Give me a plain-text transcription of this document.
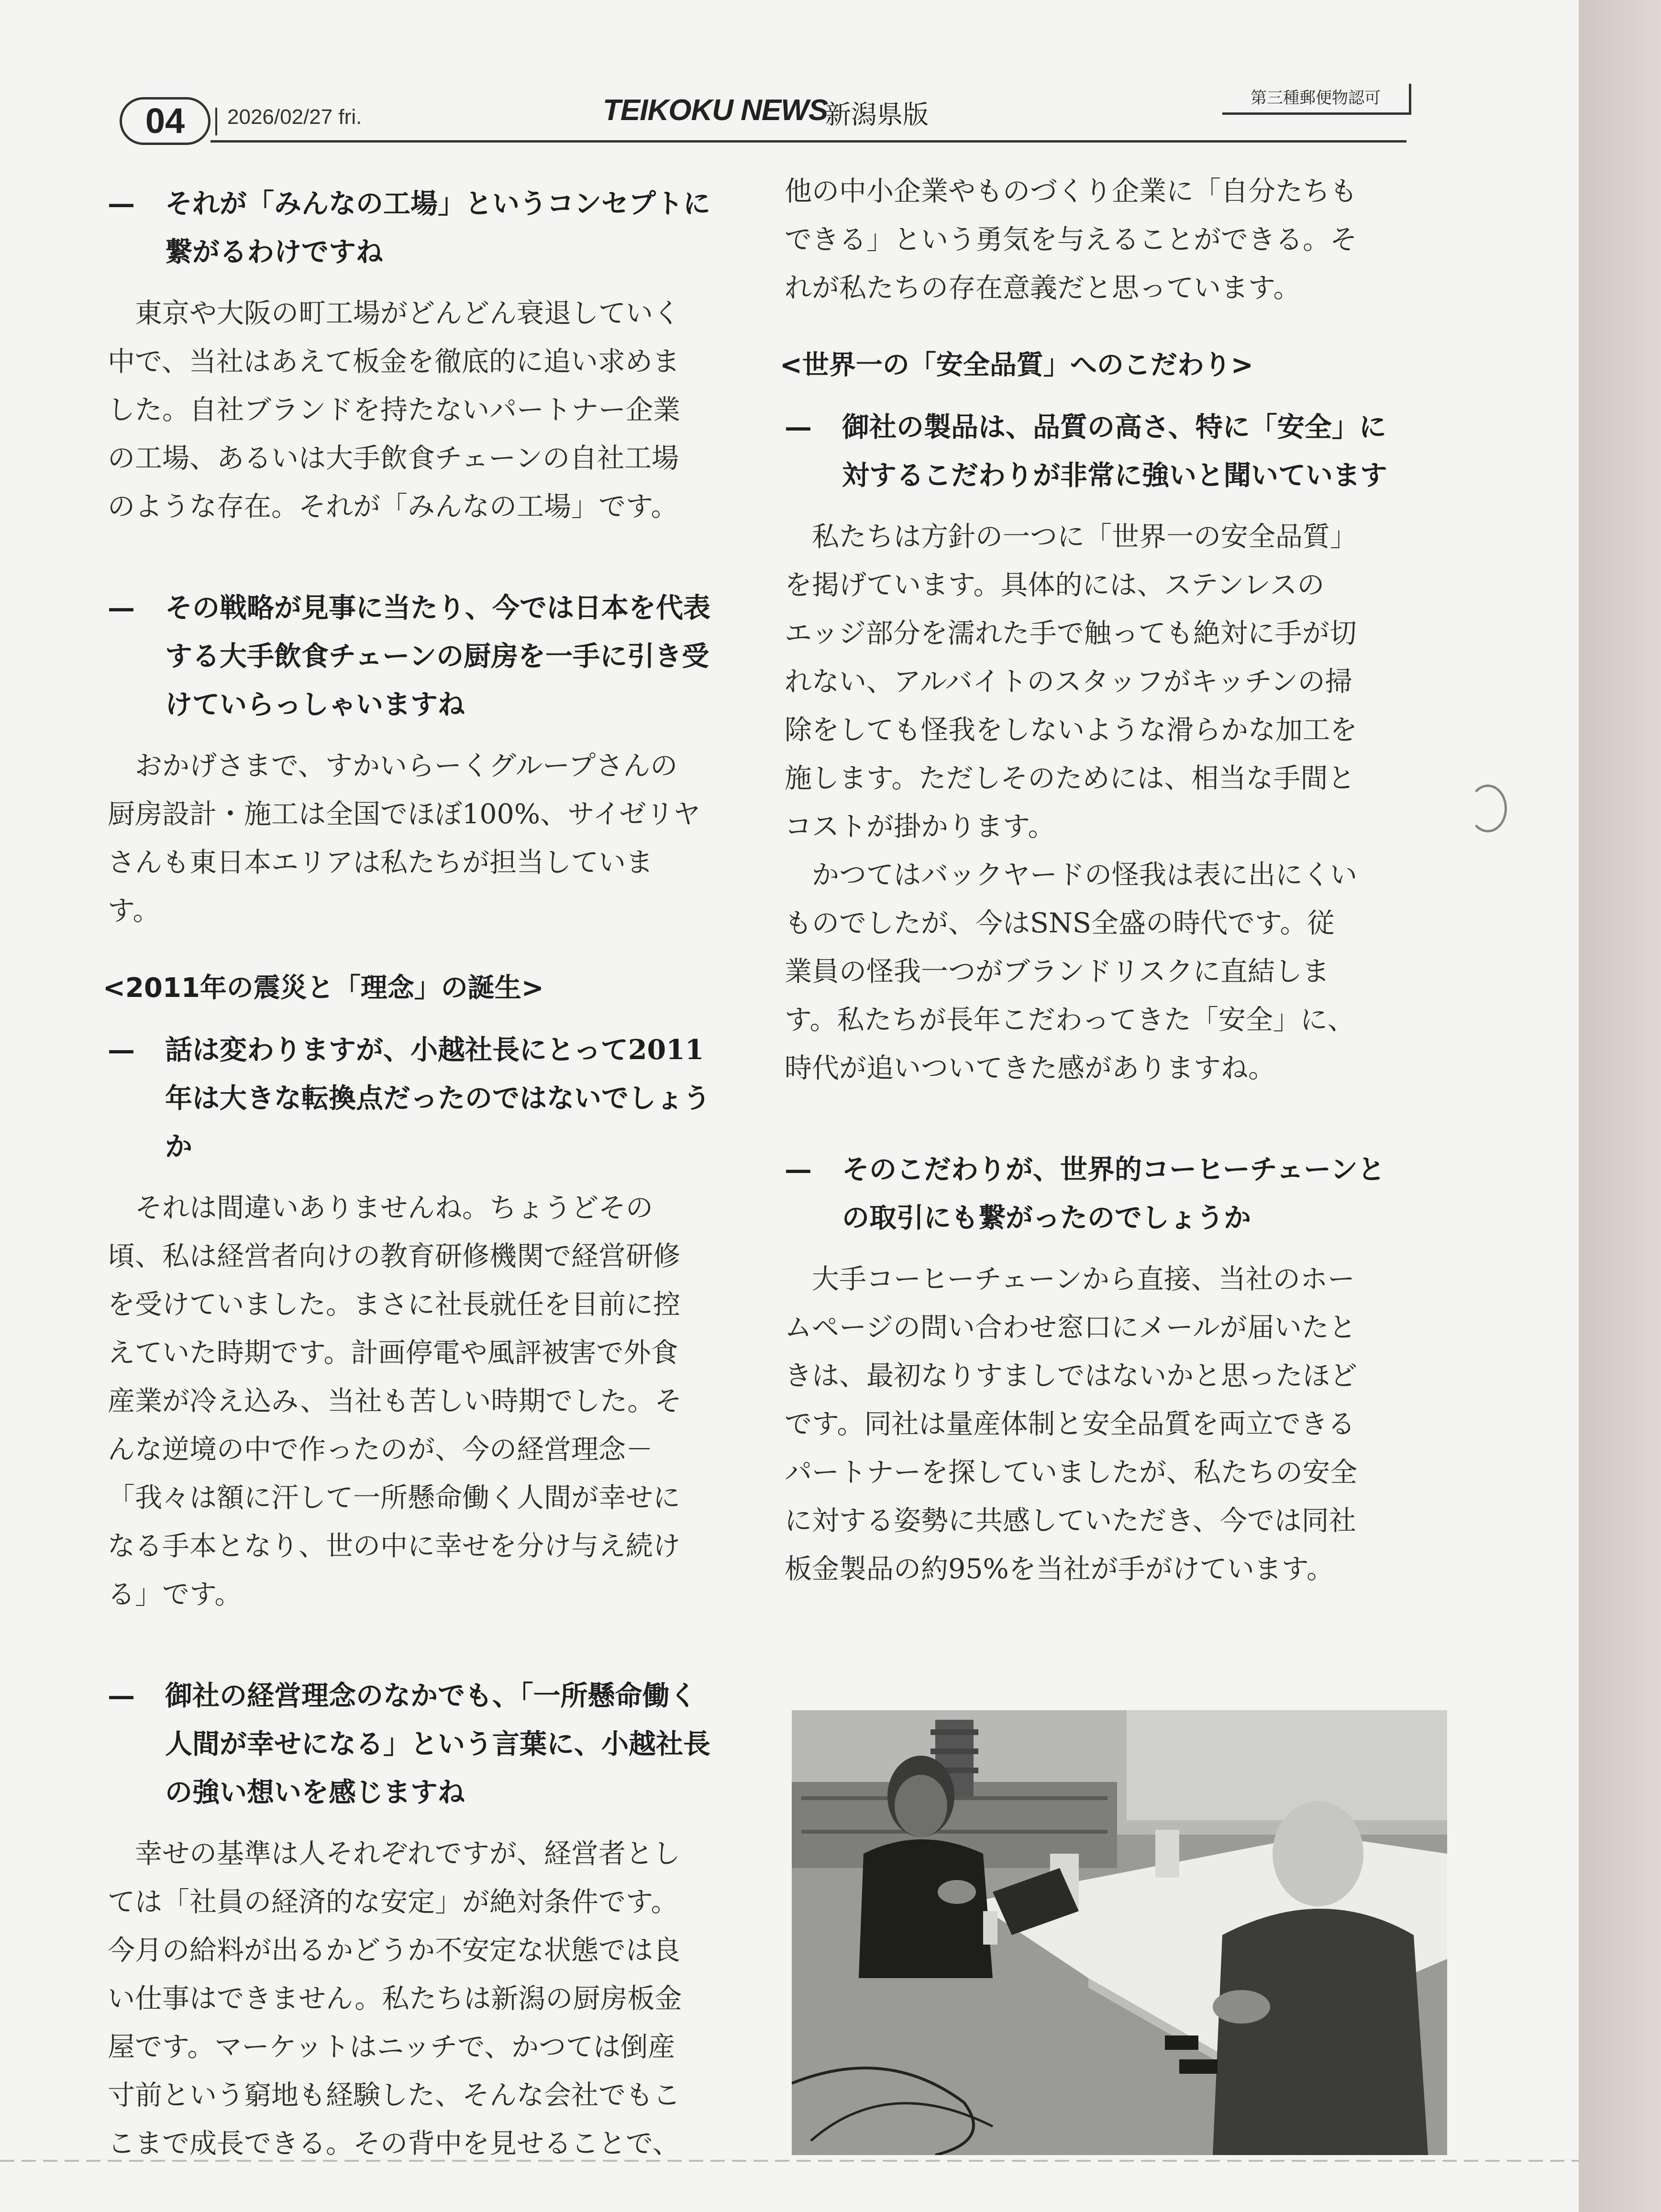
04	2026/02/27 fri.	TEIKOKU NEWS
新潟県版
第三種郵便物認可
— それが「みんなの工場」というコンセプトに
繋がるわけですね

東京や大阪の町工場がどんどん衰退していく

中で、当社はあえて板金を徹底的に追い求めま

した。自社ブランドを持たないパートナー企業

の工場、あるいは大手飲食チェーンの自社工場

のような存在。それが「みんなの工場」です。

— その戦略が見事に当たり、今では日本を代表
する大手飲食チェーンの厨房を一手に引き受
けていらっしゃいますね

おかげさまで、すかいらーくグループさんの

厨房設計・施工は全国でほぼ100%、サイゼリヤ

さんも東日本エリアは私たちが担当していま

す。

<2011年の震災と「理念」の誕生>
— 話は変わりますが、小越社長にとって2011
年は大きな転換点だったのではないでしょう
か

それは間違いありませんね。ちょうどその

頃、私は経営者向けの教育研修機関で経営研修

を受けていました。まさに社長就任を目前に控

えていた時期です。計画停電や風評被害で外食

産業が冷え込み、当社も苦しい時期でした。そ

んな逆境の中で作ったのが、今の経営理念－

「我々は額に汗して一所懸命働く人間が幸せに

なる手本となり、世の中に幸せを分け与え続け

る」です。

— 御社の経営理念のなかでも、「一所懸命働く
人間が幸せになる」という言葉に、小越社長
の強い想いを感じますね

幸せの基準は人それぞれですが、経営者とし

ては「社員の経済的な安定」が絶対条件です。

今月の給料が出るかどうか不安定な状態では良

い仕事はできません。私たちは新潟の厨房板金

屋です。マーケットはニッチで、かつては倒産

寸前という窮地も経験した、そんな会社でもこ

こまで成長できる。その背中を見せることで、

他の中小企業やものづくり企業に「自分たちも

できる」という勇気を与えることができる。そ

れが私たちの存在意義だと思っています。

<世界一の「安全品質」へのこだわり>
— 御社の製品は、品質の高さ、特に「安全」に
対するこだわりが非常に強いと聞いています

私たちは方針の一つに「世界一の安全品質」

を掲げています。具体的には、ステンレスの

エッジ部分を濡れた手で触っても絶対に手が切

れない、アルバイトのスタッフがキッチンの掃

除をしても怪我をしないような滑らかな加工を

施します。ただしそのためには、相当な手間と

コストが掛かります。

かつてはバックヤードの怪我は表に出にくい

ものでしたが、今はSNS全盛の時代です。従

業員の怪我一つがブランドリスクに直結しま

す。私たちが長年こだわってきた「安全」に、

時代が追いついてきた感がありますね。

— そのこだわりが、世界的コーヒーチェーンと
の取引にも繋がったのでしょうか

大手コーヒーチェーンから直接、当社のホー

ムページの問い合わせ窓口にメールが届いたと

きは、最初なりすましではないかと思ったほど

です。同社は量産体制と安全品質を両立できる

パートナーを探していましたが、私たちの安全

に対する姿勢に共感していただき、今では同社

板金製品の約95%を当社が手がけています。
